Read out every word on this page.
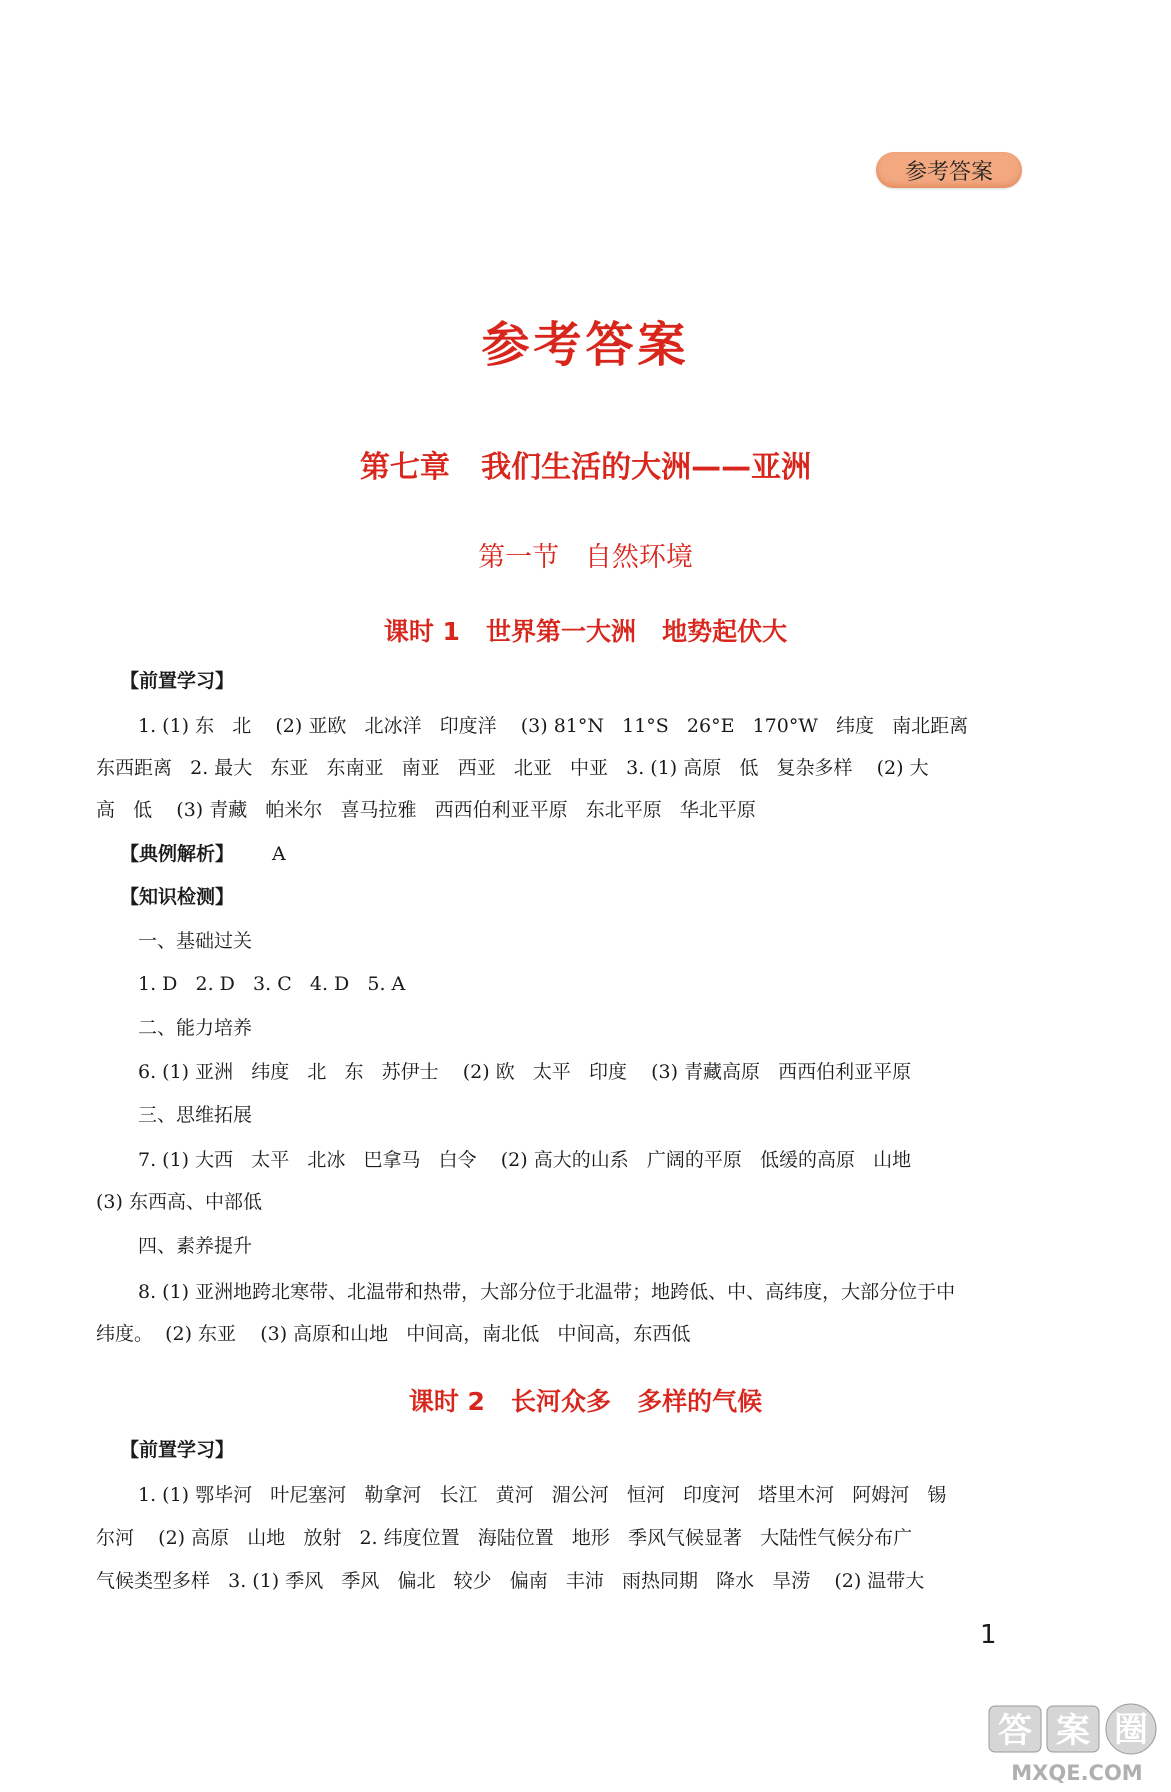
参考答案
参考答案
第七章   我们生活的大洲——亚洲
第一节   自然环境
课时 1   世界第一大洲   地势起伏大
【前置学习】
1. (1) 东   北    (2) 亚欧   北冰洋   印度洋    (3) 81°N   11°S   26°E   170°W   纬度   南北距离
东西距离   2. 最大   东亚   东南亚   南亚   西亚   北亚   中亚   3. (1) 高原   低   复杂多样    (2) 大
高   低    (3) 青藏   帕米尔   喜马拉雅   西西伯利亚平原   东北平原   华北平原
【典例解析】 A
【知识检测】
一、基础过关
1. D   2. D   3. C   4. D   5. A
二、能力培养
6. (1) 亚洲   纬度   北   东   苏伊士    (2) 欧   太平   印度    (3) 青藏高原   西西伯利亚平原
三、思维拓展
7. (1) 大西   太平   北冰   巴拿马   白令    (2) 高大的山系   广阔的平原   低缓的高原   山地
(3) 东西高、中部低
四、素养提升
8. (1) 亚洲地跨北寒带、北温带和热带，大部分位于北温带；地跨低、中、高纬度，大部分位于中
纬度。  (2) 东亚    (3) 高原和山地   中间高，南北低   中间高，东西低
课时 2   长河众多   多样的气候
【前置学习】
1. (1) 鄂毕河   叶尼塞河   勒拿河   长江   黄河   湄公河   恒河   印度河   塔里木河   阿姆河   锡
尔河    (2) 高原   山地   放射   2. 纬度位置   海陆位置   地形   季风气候显著   大陆性气候分布广
气候类型多样   3. (1) 季风   季风   偏北   较少   偏南   丰沛   雨热同期   降水   旱涝    (2) 温带大
1
答 案 圈
MXQE.COM
